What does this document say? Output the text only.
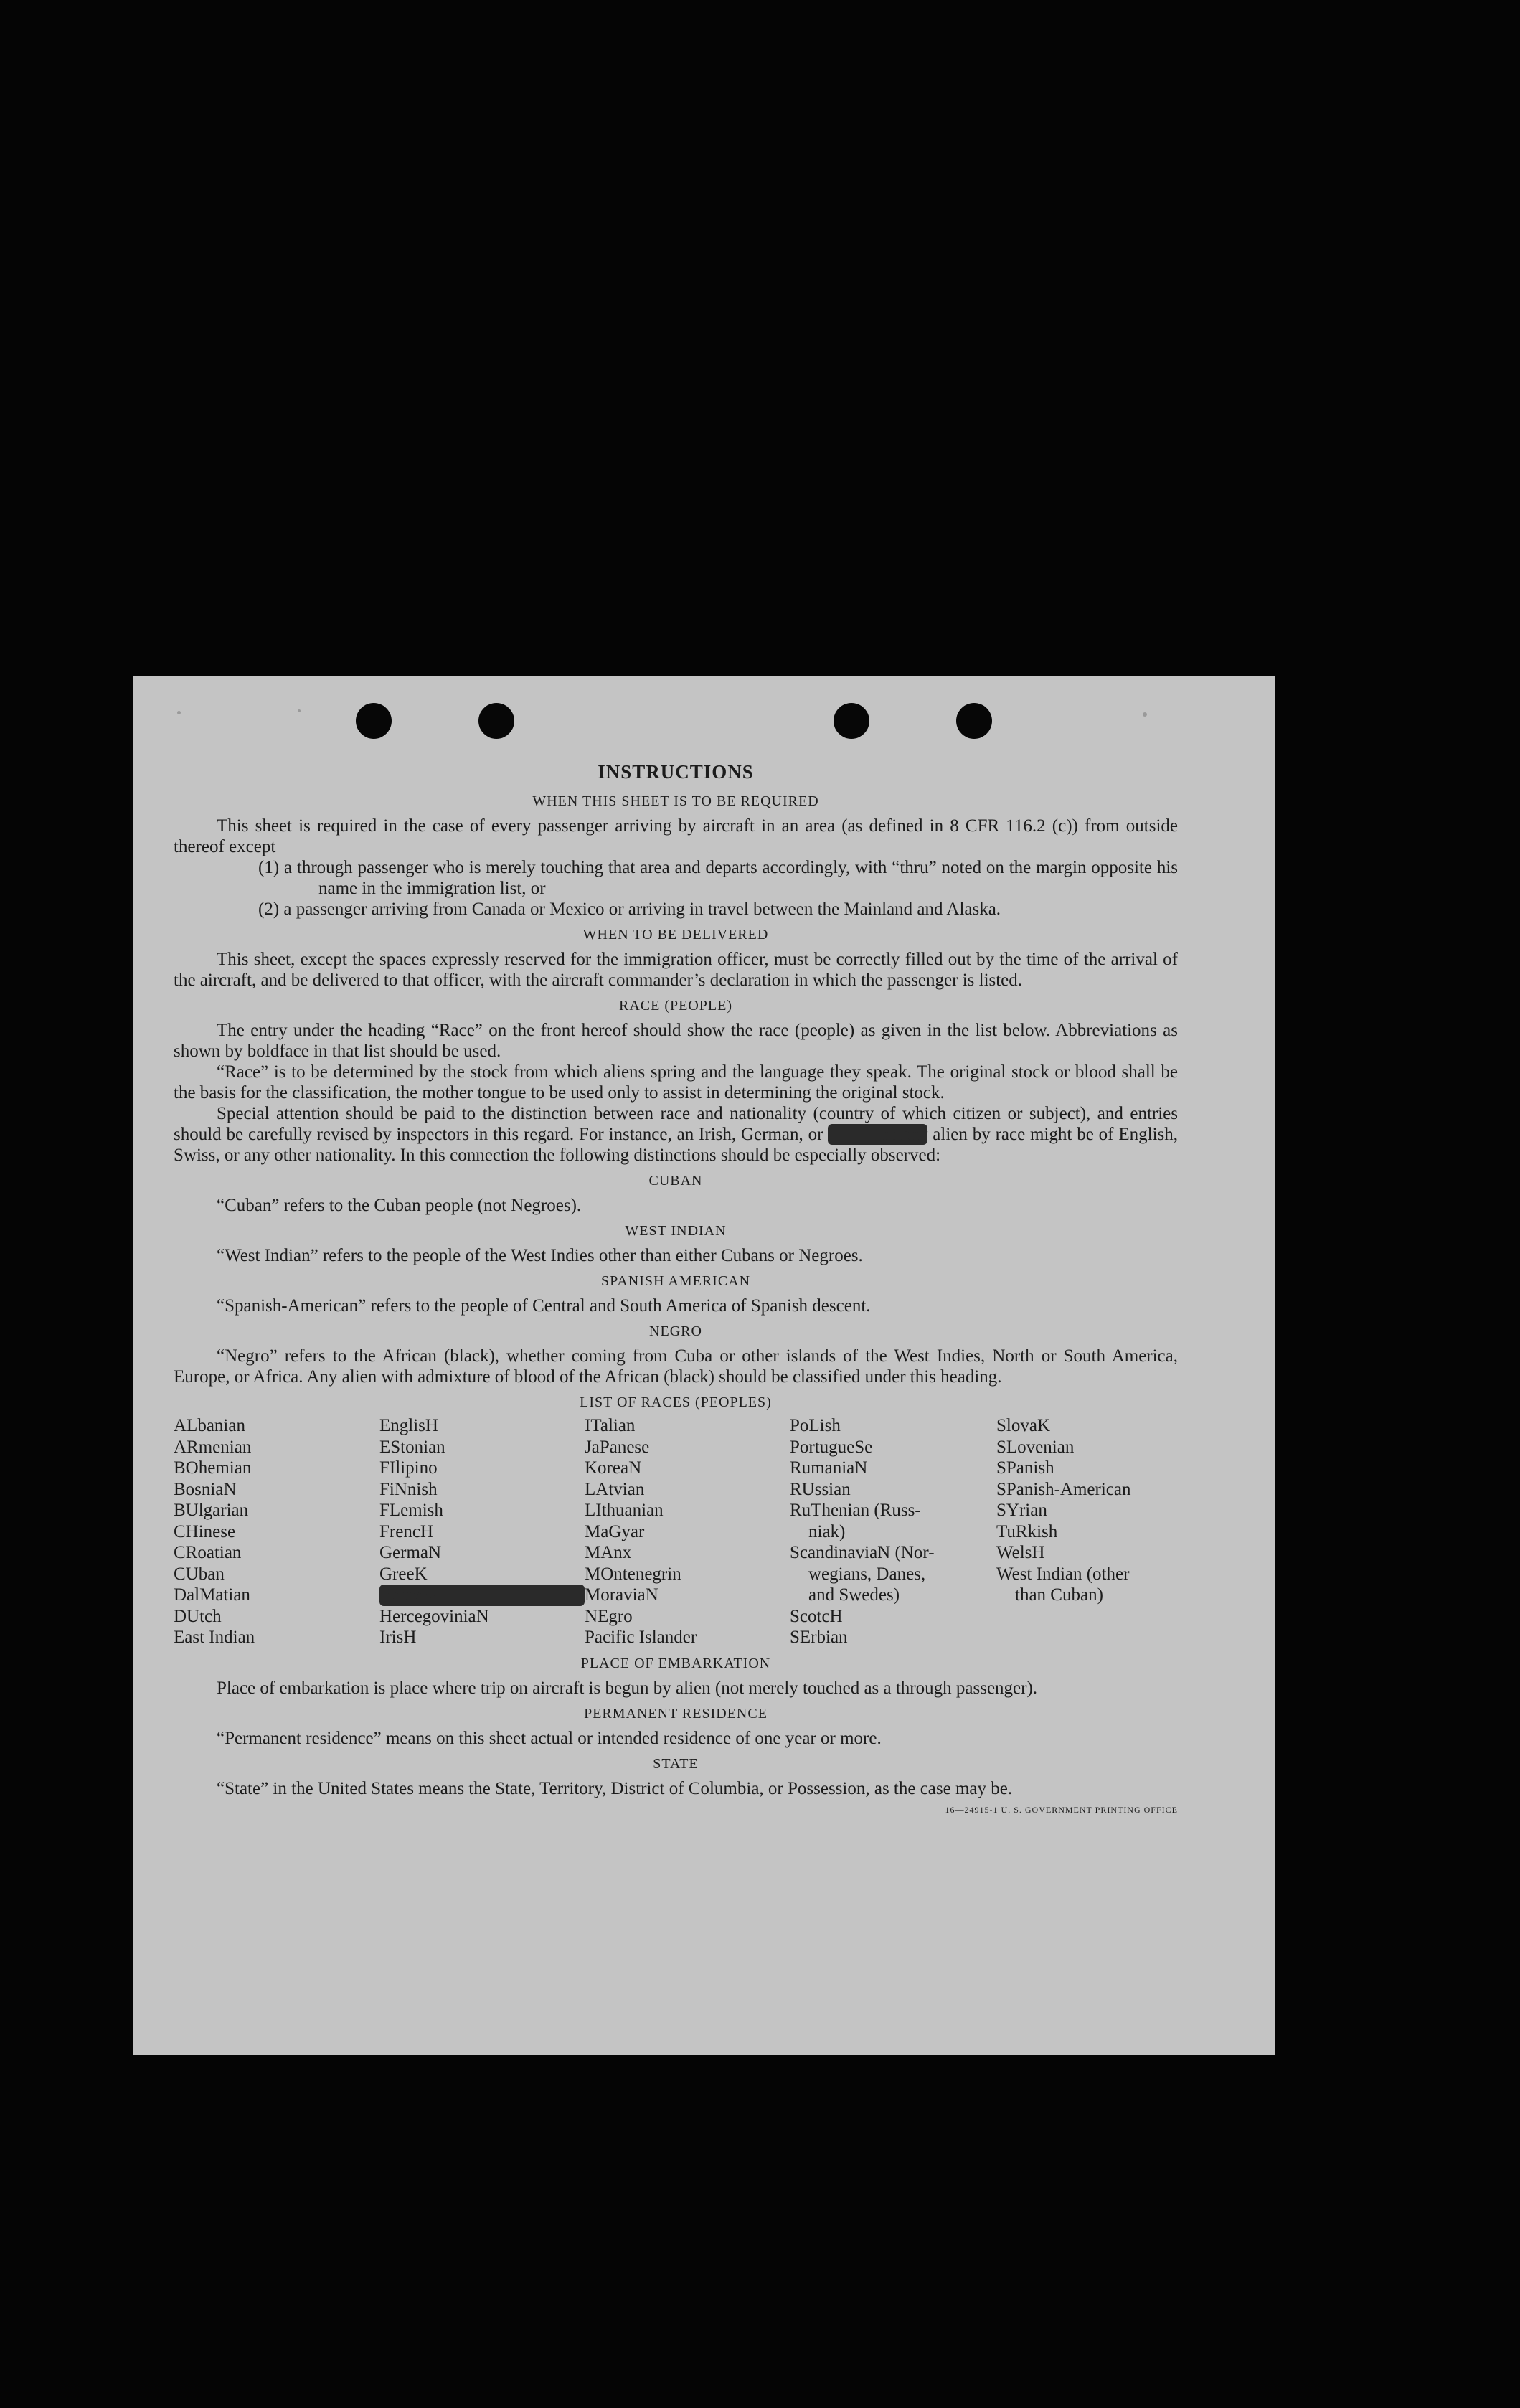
INSTRUCTIONS
WHEN THIS SHEET IS TO BE REQUIRED

This sheet is required in the case of every passenger arriving by aircraft in an area (as defined in 8 CFR 116.2 (c)) from outside thereof except

(1) a through passenger who is merely touching that area and departs accordingly, with “thru” noted on the margin opposite his name in the immigration list, or
(2) a passenger arriving from Canada or Mexico or arriving in travel between the Mainland and Alaska.
WHEN TO BE DELIVERED

This sheet, except the spaces expressly reserved for the immigration officer, must be correctly filled out by the time of the arrival of the aircraft, and be delivered to that officer, with the aircraft commander’s declaration in which the passenger is listed.

RACE (PEOPLE)

The entry under the heading “Race” on the front hereof should show the race (people) as given in the list below. Abbreviations as shown by boldface in that list should be used.

“Race” is to be determined by the stock from which aliens spring and the language they speak. The original stock or blood shall be the basis for the classification, the mother tongue to be used only to assist in determining the original stock.

Special attention should be paid to the distinction between race and nationality (country of which citizen or subject), and entries should be carefully revised by inspectors in this regard. For instance, an Irish, German, or	Hebrew alien by race might be of English, Swiss, or any other nationality. In this connection the following distinctions should be especially observed:

CUBAN

“Cuban” refers to the Cuban people (not Negroes).

WEST INDIAN

“West Indian” refers to the people of the West Indies other than either Cubans or Negroes.

SPANISH AMERICAN

“Spanish-American” refers to the people of Central and South America of Spanish descent.

NEGRO

“Negro” refers to the African (black), whether coming from Cuba or other islands of the West Indies, North or South America, Europe, or Africa. Any alien with admixture of blood of the African (black) should be classified under this heading.

LIST OF RACES (PEOPLES)
ALbanian
ARmenian
BOhemian
BosniaN
BUlgarian
CHinese
CRoatian
CUban
DalMatian
DUtch
East Indian
EnglisH
EStonian
FIlipino
FiNnish
FLemish
FrencH
GermaN
GreeK
Hebrew
HercegoviniaN
IrisH
ITalian
JaPanese
KoreaN
LAtvian
LIthuanian
MaGyar
MAnx
MOntenegrin
MoraviaN
NEgro
Pacific Islander
PoLish
PortugueSe
RumaniaN
RUssian
RuThenian (Russ-
niak)
ScandinaviaN (Nor-
wegians, Danes,
and Swedes)
ScotcH
SErbian
SlovaK
SLovenian
SPanish
SPanish-American
SYrian
TuRkish
WelsH
West Indian (other
than Cuban)
PLACE OF EMBARKATION

Place of embarkation is place where trip on aircraft is begun by alien (not merely touched as a through passenger).

PERMANENT RESIDENCE

“Permanent residence” means on this sheet actual or intended residence of one year or more.

STATE

“State” in the United States means the State, Territory, District of Columbia, or Possession, as the case may be.

16—24915-1 U. S. GOVERNMENT PRINTING OFFICE
